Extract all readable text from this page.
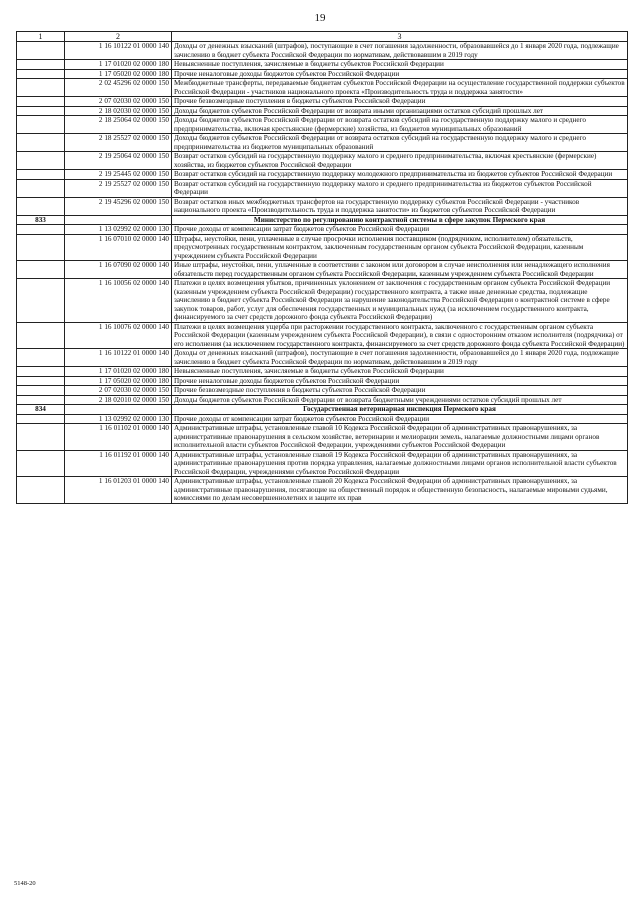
19
1	2	3
	1 16 10122 01 0000 140	Доходы от денежных взысканий (штрафов), поступающие в счет погашения задолженности, образовавшейся до 1 января 2020 года, подлежащие зачислению в бюджет субъекта Российской Федерации по нормативам, действовавшим в 2019 году
	1 17 01020 02 0000 180	Невыясненные поступления, зачисляемые в бюджеты субъектов Российской Федерации
	1 17 05020 02 0000 180	Прочие неналоговые доходы бюджетов субъектов Российской Федерации
	2 02 45296 02 0000 150	Межбюджетные трансферты, передаваемые бюджетам субъектов Российской Федерации на осуществление государственной поддержки субъектов Российской Федерации - участников национального проекта «Производительность труда и поддержка занятости»
	2 07 02030 02 0000 150	Прочие безвозмездные поступления в бюджеты субъектов Российской Федерации
	2 18 02030 02 0000 150	Доходы бюджетов субъектов Российской Федерации от возврата иными организациями остатков субсидий прошлых лет
	2 18 25064 02 0000 150	Доходы бюджетов субъектов Российской Федерации от возврата остатков субсидий на государственную поддержку малого и среднего предпринимательства, включая крестьянские (фермерские) хозяйства, из бюджетов муниципальных образований
	2 18 25527 02 0000 150	Доходы бюджетов субъектов Российской Федерации от возврата остатков субсидий на государственную поддержку малого и среднего предпринимательства из бюджетов муниципальных образований
	2 19 25064 02 0000 150	Возврат остатков субсидий на государственную поддержку малого и среднего предпринимательства, включая крестьянские (фермерские) хозяйства, из бюджетов субъектов Российской Федерации
	2 19 25445 02 0000 150	Возврат остатков субсидий на государственную поддержку молодежного предпринимательства из бюджетов субъектов Российской Федерации
	2 19 25527 02 0000 150	Возврат остатков субсидий на государственную поддержку малого и среднего предпринимательства из бюджетов субъектов Российской Федерации
	2 19 45296 02 0000 150	Возврат остатков иных межбюджетных трансфертов на государственную поддержку субъектов Российской Федерации - участников национального проекта «Производительность труда и поддержка занятости» из бюджетов субъектов Российской Федерации
833		Министерство по регулированию контрактной системы в сфере закупок Пермского края
	1 13 02992 02 0000 130	Прочие доходы от компенсации затрат бюджетов субъектов Российской Федерации
	1 16 07010 02 0000 140	Штрафы, неустойки, пени, уплаченные в случае просрочки исполнения поставщиком (подрядчиком, исполнителем) обязательств, предусмотренных государственным контрактом, заключенным государственным органом субъекта Российской Федерации, казенным учреждением субъекта Российской Федерации
	1 16 07090 02 0000 140	Иные штрафы, неустойки, пени, уплаченные в соответствии с законом или договором в случае неисполнения или ненадлежащего исполнения обязательств перед государственным органом субъекта Российской Федерации, казенным учреждением субъекта Российской Федерации
	1 16 10056 02 0000 140	Платежи в целях возмещения убытков, причиненных уклонением от заключения с государственным органом субъекта Российской Федерации (казенным учреждением субъекта Российской Федерации) государственного контракта, а также иные денежные средства, подлежащие зачислению в бюджет субъекта Российской Федерации за нарушение законодательства Российской Федерации о контрактной системе в сфере закупок товаров, работ, услуг для обеспечения государственных и муниципальных нужд (за исключением государственного контракта, финансируемого за счет средств дорожного фонда субъекта Российской Федерации)
	1 16 10076 02 0000 140	Платежи в целях возмещения ущерба при расторжении государственного контракта, заключенного с государственным органом субъекта Российской Федерации (казенным учреждением субъекта Российской Федерации), в связи с односторонним отказом исполнителя (подрядчика) от его исполнения (за исключением государственного контракта, финансируемого за счет средств дорожного фонда субъекта Российской Федерации)
	1 16 10122 01 0000 140	Доходы от денежных взысканий (штрафов), поступающие в счет погашения задолженности, образовавшейся до 1 января 2020 года, подлежащие зачислению в бюджет субъекта Российской Федерации по нормативам, действовавшим в 2019 году
	1 17 01020 02 0000 180	Невыясненные поступления, зачисляемые в бюджеты субъектов Российской Федерации
	1 17 05020 02 0000 180	Прочие неналоговые доходы бюджетов субъектов Российской Федерации
	2 07 02030 02 0000 150	Прочие безвозмездные поступления в бюджеты субъектов Российской Федерации
	2 18 02010 02 0000 150	Доходы бюджетов субъектов Российской Федерации от возврата бюджетными учреждениями остатков субсидий прошлых лет
834		Государственная ветеринарная инспекция Пермского края
	1 13 02992 02 0000 130	Прочие доходы от компенсации затрат бюджетов субъектов Российской Федерации
	1 16 01102 01 0000 140	Административные штрафы, установленные главой 10 Кодекса Российской Федерации об административных правонарушениях, за административные правонарушения в сельском хозяйстве, ветеринарии и мелиорации земель, налагаемые должностными лицами органов исполнительной власти субъектов Российской Федерации, учреждениями субъектов Российской Федерации
	1 16 01192 01 0000 140	Административные штрафы, установленные главой 19 Кодекса Российской Федерации об административных правонарушениях, за административные правонарушения против порядка управления, налагаемые должностными лицами органов исполнительной власти субъектов Российской Федерации, учреждениями субъектов Российской Федерации
	1 16 01203 01 0000 140	Административные штрафы, установленные главой 20 Кодекса Российской Федерации об административных правонарушениях, за административные правонарушения, посягающие на общественный порядок и общественную безопасность, налагаемые мировыми судьями, комиссиями по делам несовершеннолетних и защите их прав
5148-20
